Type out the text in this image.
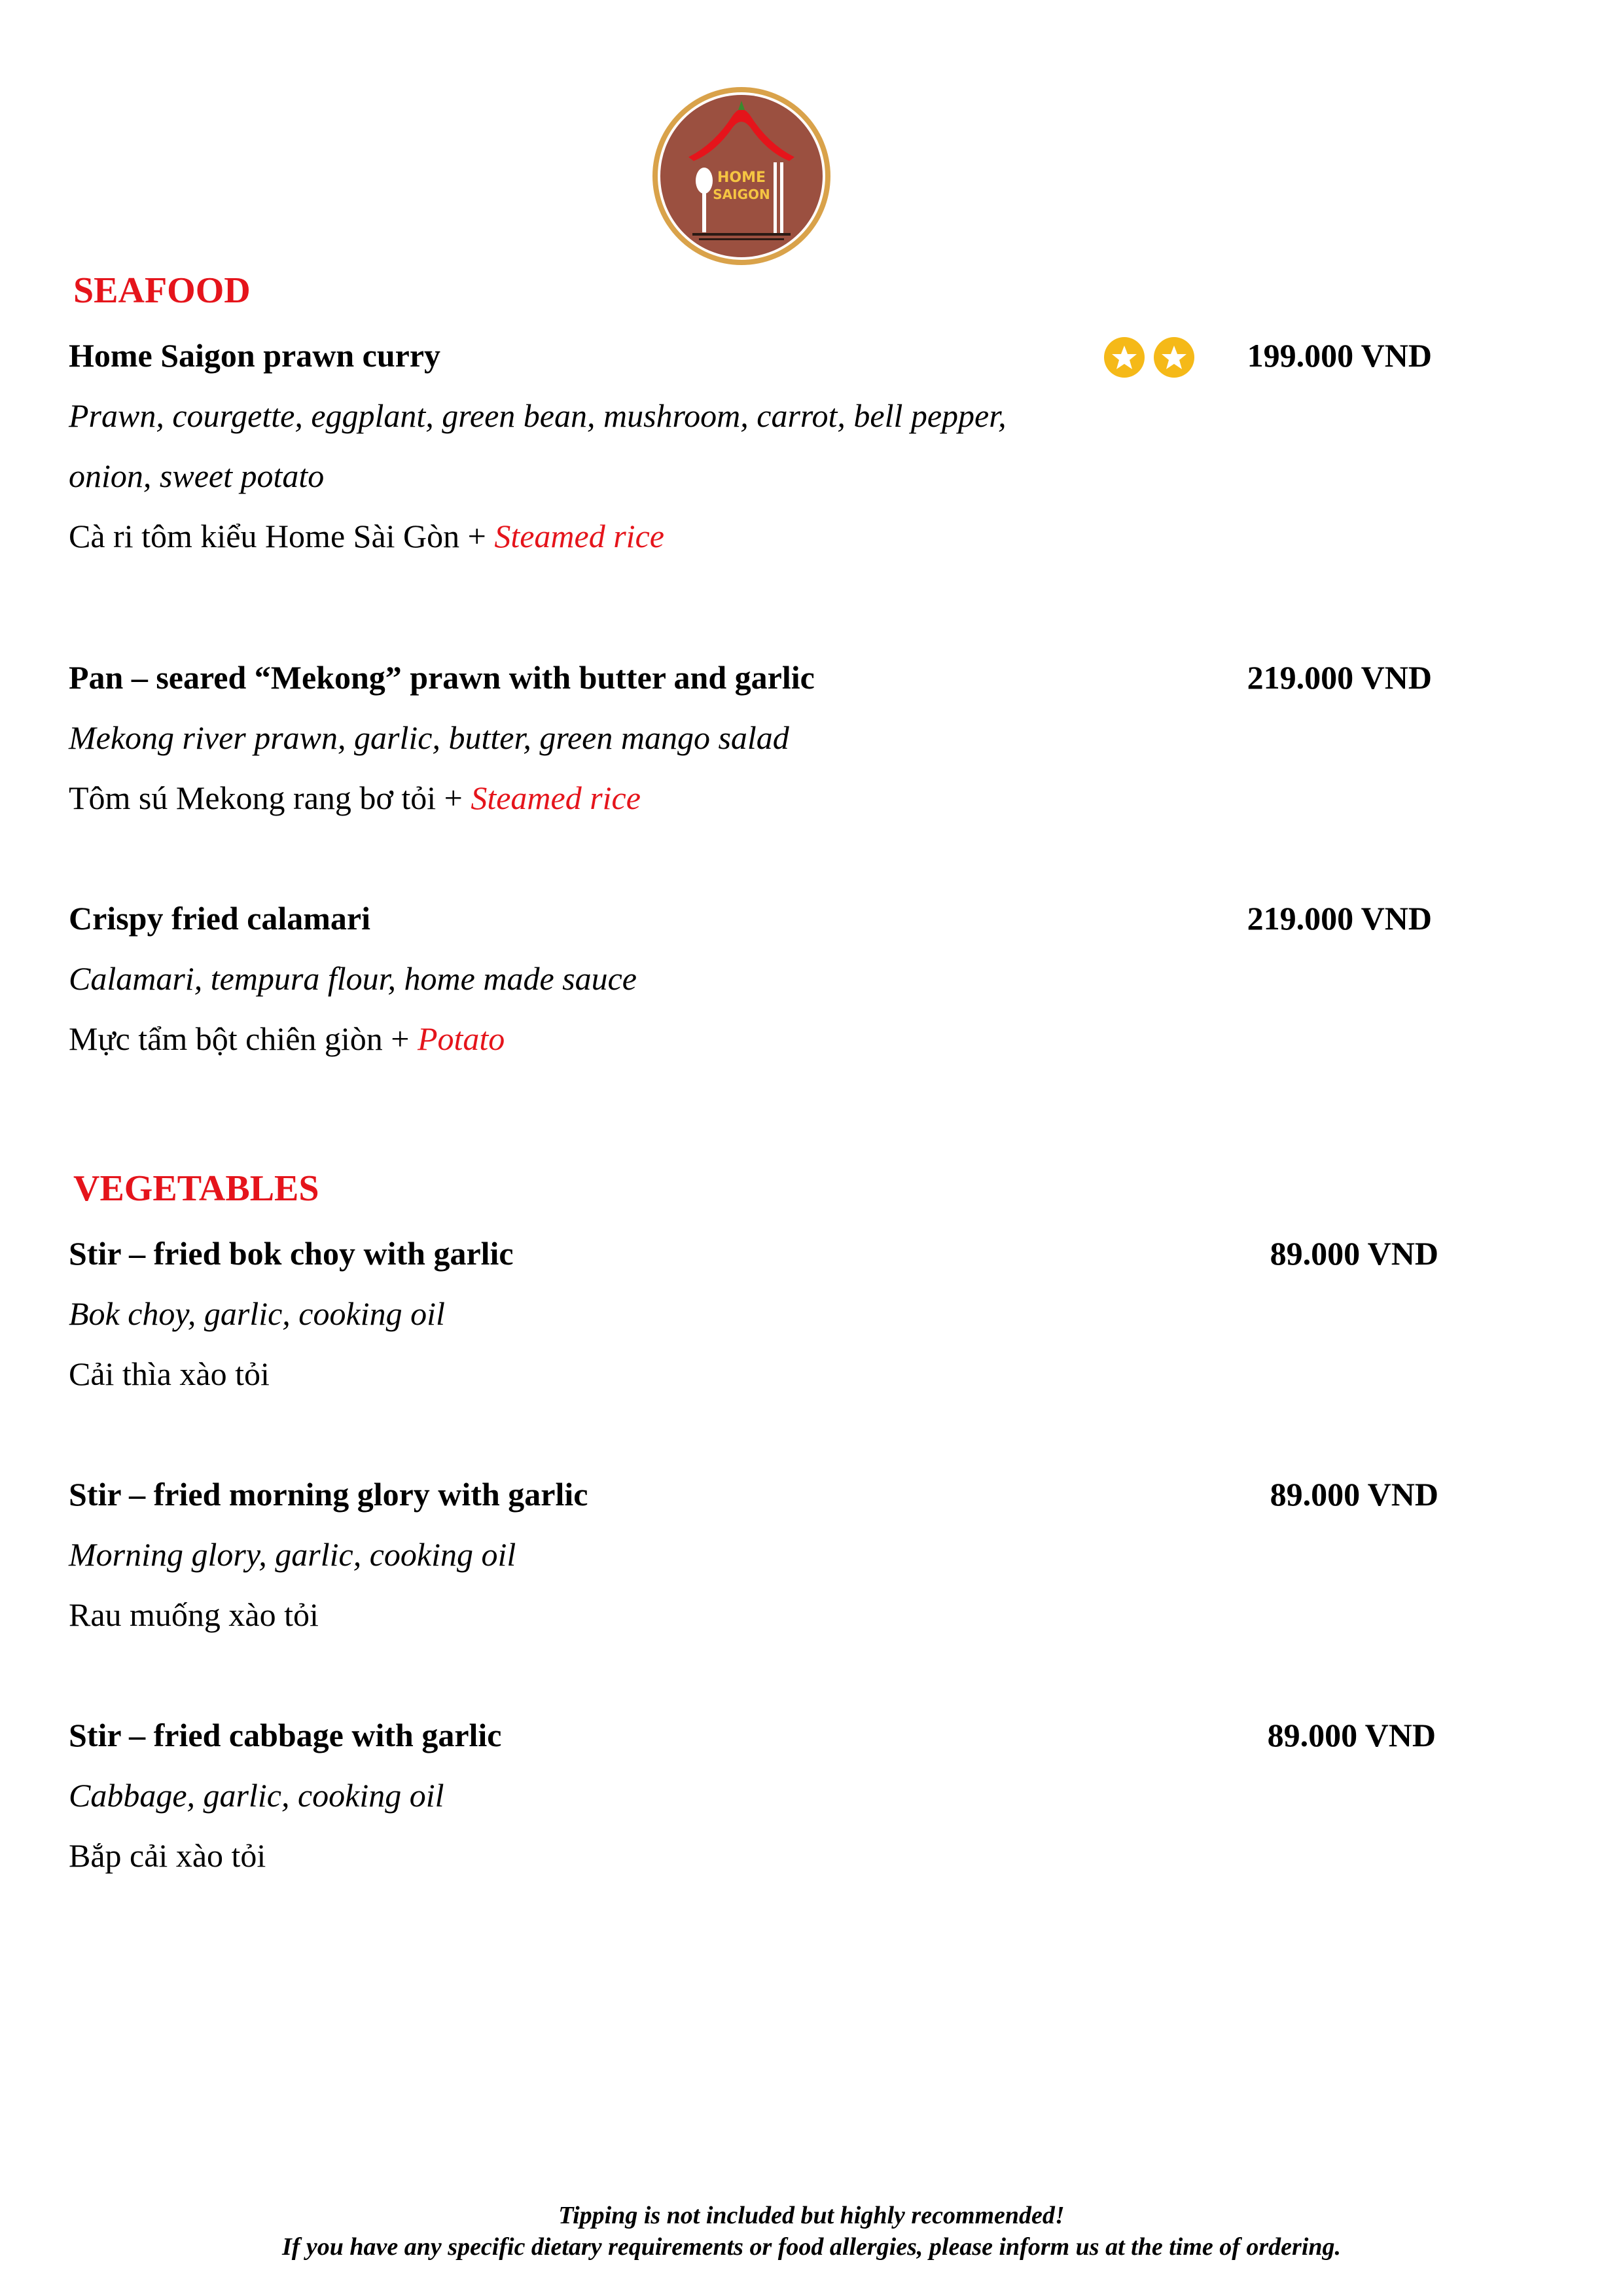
HOME
SAIGON
SEAFOOD
Home Saigon prawn curry	199.000 VND
Prawn, courgette, eggplant, green bean, mushroom, carrot, bell pepper,
onion, sweet potato
Cà ri tôm kiểu Home Sài Gòn + Steamed rice
Pan – seared “Mekong” prawn with butter and garlic	219.000 VND
Mekong river prawn, garlic, butter, green mango salad
Tôm sú Mekong rang bơ tỏi + Steamed rice
Crispy fried calamari	219.000 VND
Calamari, tempura flour, home made sauce
Mực tẩm bột chiên giòn + Potato
VEGETABLES
Stir – fried bok choy with garlic	89.000 VND
Bok choy, garlic, cooking oil
Cải thìa xào tỏi
Stir – fried morning glory with garlic	89.000 VND
Morning glory, garlic, cooking oil
Rau muống xào tỏi
Stir – fried cabbage with garlic	89.000 VND
Cabbage, garlic, cooking oil
Bắp cải xào tỏi
Tipping is not included but highly recommended!
If you have any specific dietary requirements or food allergies, please inform us at the time of ordering.
